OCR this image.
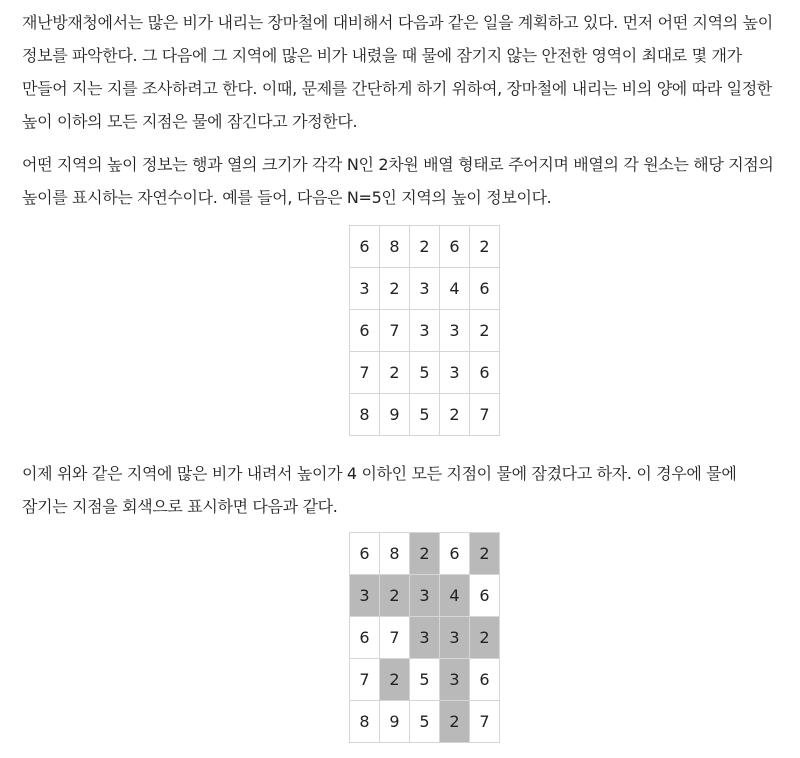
재난방재청에서는 많은 비가 내리는 장마철에 대비해서 다음과 같은 일을 계획하고 있다. 먼저 어떤 지역의 높이 정보를 파악한다. 그 다음에 그 지역에 많은 비가 내렸을 때 물에 잠기지 않는 안전한 영역이 최대로 몇 개가 만들어 지는 지를 조사하려고 한다. 이때, 문제를 간단하게 하기 위하여, 장마철에 내리는 비의 양에 따라 일정한 높이 이하의 모든 지점은 물에 잠긴다고 가정한다.

어떤 지역의 높이 정보는 행과 열의 크기가 각각 N인 2차원 배열 형태로 주어지며 배열의 각 원소는 해당 지점의 높이를 표시하는 자연수이다. 예를 들어, 다음은 N=5인 지역의 높이 정보이다.

6	8	2	6	2
3	2	3	4	6
6	7	3	3	2
7	2	5	3	6
8	9	5	2	7

이제 위와 같은 지역에 많은 비가 내려서 높이가 4 이하인 모든 지점이 물에 잠겼다고 하자. 이 경우에 물에 잠기는 지점을 회색으로 표시하면 다음과 같다.

6	8	2	6	2
3	2	3	4	6
6	7	3	3	2
7	2	5	3	6
8	9	5	2	7
